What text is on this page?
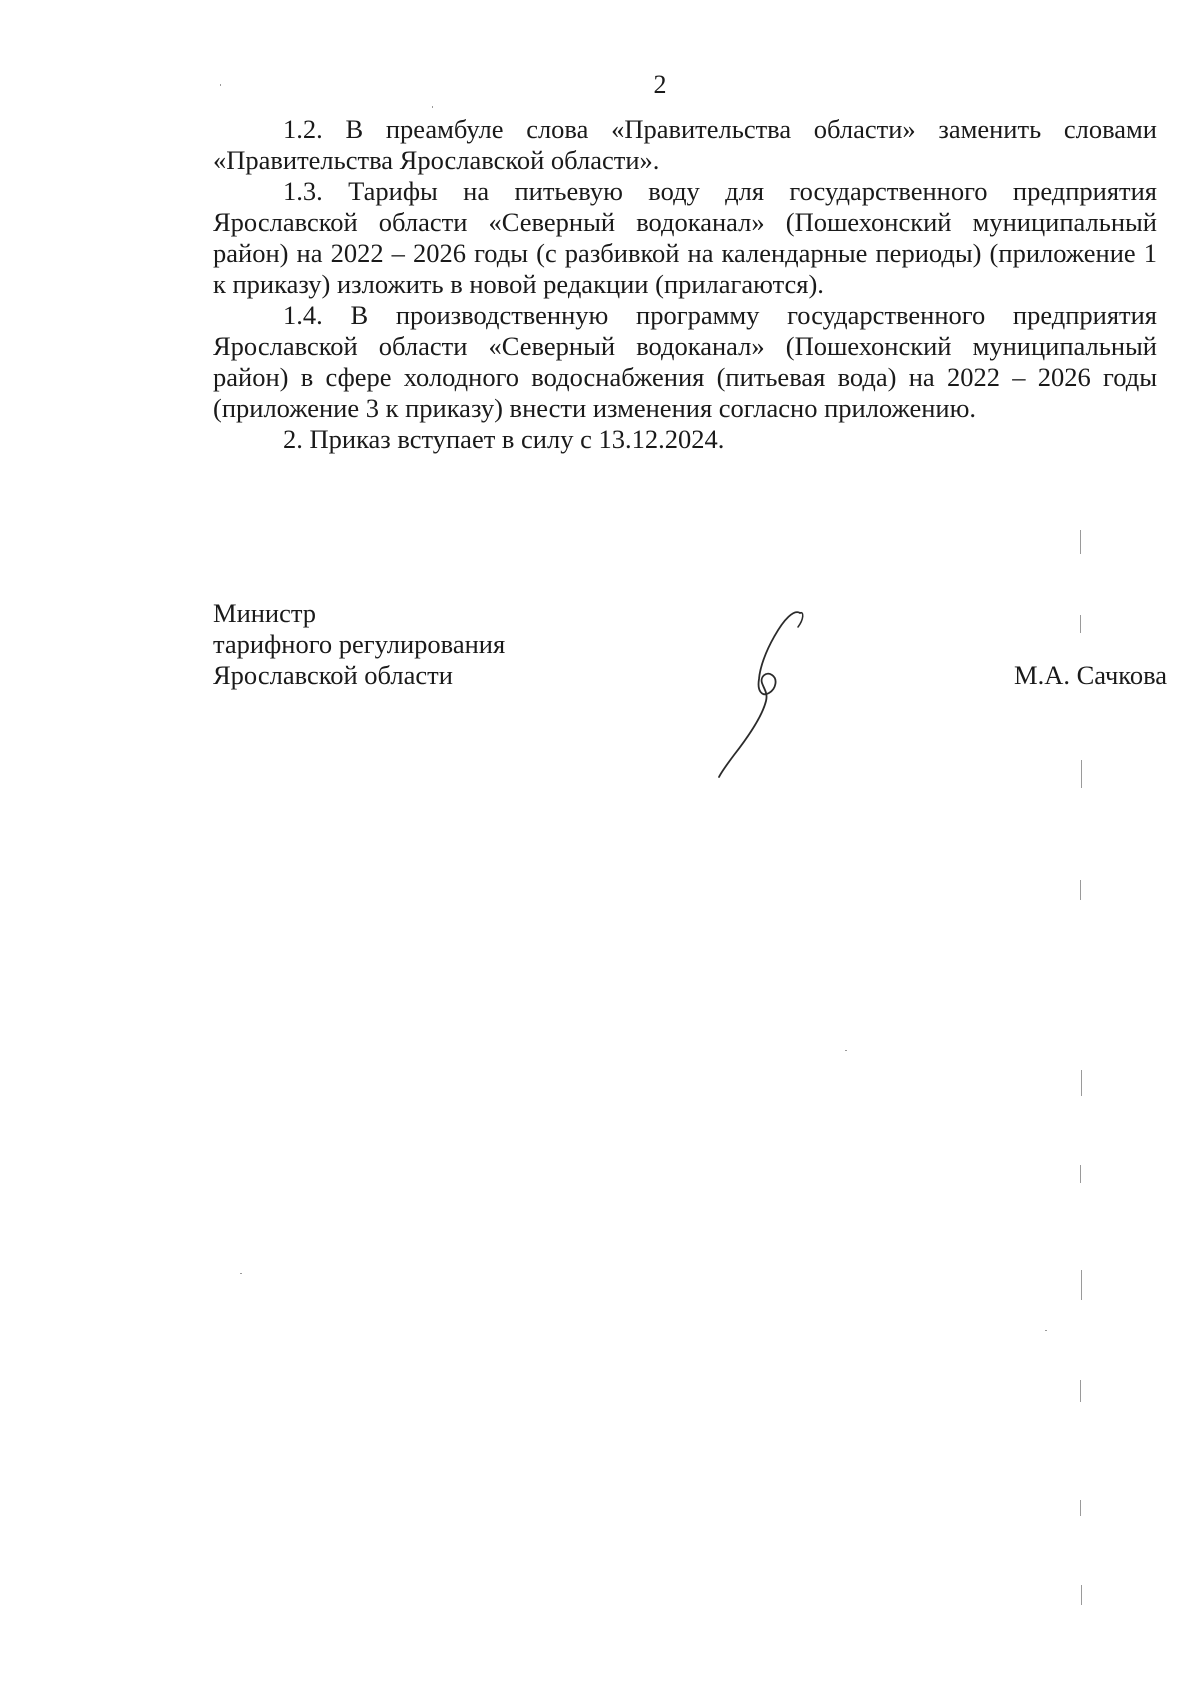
2

1.2. В преамбуле слова «Правительства области» заменить словами «Правительства Ярославской области».

1.3. Тарифы на питьевую воду для государственного предприятия Ярославской области «Северный водоканал» (Пошехонский муниципальный район) на 2022 – 2026 годы (с разбивкой на календарные периоды) (приложение 1 к приказу) изложить в новой редакции (прилагаются).

1.4. В производственную программу государственного предприятия Ярославской области «Северный водоканал» (Пошехонский муниципальный район) в сфере холодного водоснабжения (питьевая вода) на 2022 – 2026 годы (приложение 3 к приказу) внести изменения согласно приложению.

2. Приказ вступает в силу с 13.12.2024.

Министр
тарифного регулирования
Ярославской области	М.А. Сачкова
